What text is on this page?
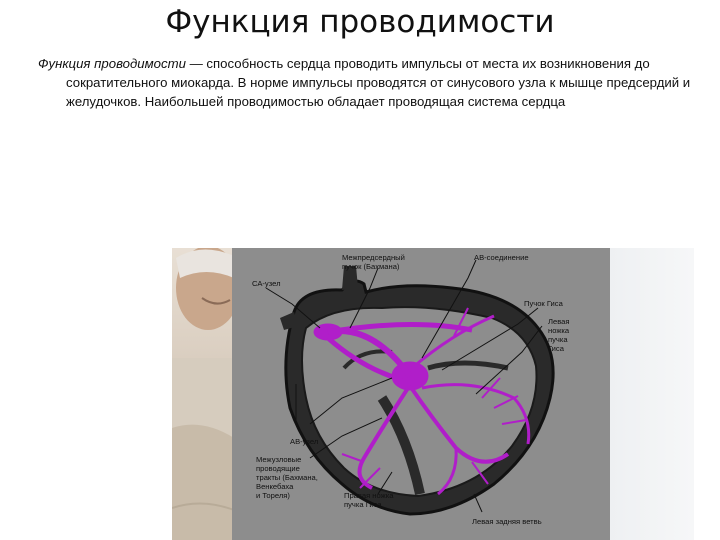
Функция проводимости
Функция проводимости — способность сердца проводить импульсы от места их возникновения до сократительного миокарда. В норме импульсы проводятся от синусового узла к мышце предсердий и желудочков. Наибольшей проводимостью обладает проводящая система сердца
СА-узел
Межпредсердный
пучок (Бахмана)
АВ-соединение
Пучок Гиса
Левая
ножка
пучка
Гиса
АВ-узел
Межузловые
проводящие
тракты (Бахмана,
Венкебаха
и Тореля)	Правая ножка
пучка Гиса
Левая задняя ветвь
